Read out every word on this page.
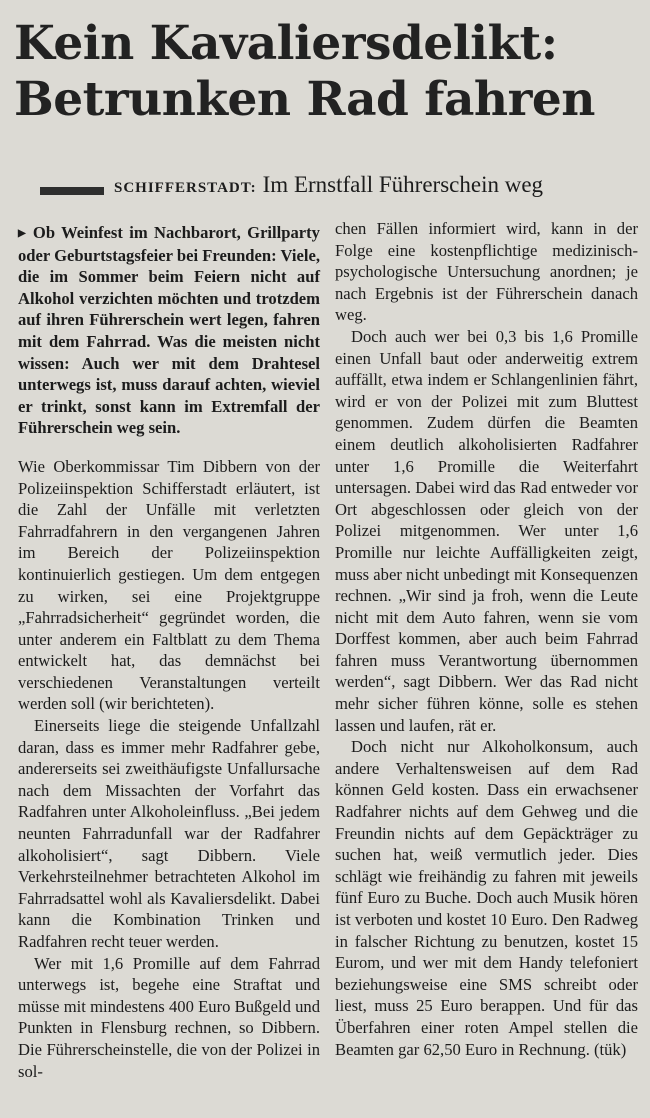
Kein Kavaliersdelikt:
Betrunken Rad fahren
SCHIFFERSTADT: Im Ernstfall Führerschein weg

▶ Ob Weinfest im Nachbarort, Grillparty oder Geburtstagsfeier bei Freunden: Viele, die im Sommer beim Feiern nicht auf Alkohol verzichten möchten und trotzdem auf ihren Führerschein wert legen, fahren mit dem Fahrrad. Was die meisten nicht wissen: Auch wer mit dem Drahtesel unterwegs ist, muss darauf achten, wieviel er trinkt, sonst kann im Extremfall der Führerschein weg sein.

Wie Oberkommissar Tim Dibbern von der Polizeiinspektion Schifferstadt erläutert, ist die Zahl der Unfälle mit verletzten Fahrradfahrern in den vergangenen Jahren im Bereich der Polizeiinspektion kontinuierlich gestiegen. Um dem entgegen zu wirken, sei eine Projektgruppe „Fahrradsicherheit“ gegründet worden, die unter anderem ein Faltblatt zu dem Thema entwickelt hat, das demnächst bei verschiedenen Veranstaltungen verteilt werden soll (wir berichteten).

Einerseits liege die steigende Unfallzahl daran, dass es immer mehr Radfahrer gebe, andererseits sei zweithäufigste Unfallursache nach dem Missachten der Vorfahrt das Radfahren unter Alkoholeinfluss. „Bei jedem neunten Fahrradunfall war der Radfahrer alkoholisiert“, sagt Dibbern. Viele Verkehrsteilnehmer betrachteten Alkohol im Fahrradsattel wohl als Kavaliersdelikt. Dabei kann die Kombination Trinken und Radfahren recht teuer werden.

Wer mit 1,6 Promille auf dem Fahrrad unterwegs ist, begehe eine Straftat und müsse mit mindestens 400 Euro Bußgeld und Punkten in Flensburg rechnen, so Dibbern. Die Führerscheinstelle, die von der Polizei in sol-

chen Fällen informiert wird, kann in der Folge eine kostenpflichtige medizinisch-psychologische Untersuchung anordnen; je nach Ergebnis ist der Führerschein danach weg.

Doch auch wer bei 0,3 bis 1,6 Promille einen Unfall baut oder anderweitig extrem auffällt, etwa indem er Schlangenlinien fährt, wird er von der Polizei mit zum Bluttest genommen. Zudem dürfen die Beamten einem deutlich alkoholisierten Radfahrer unter 1,6 Promille die Weiterfahrt untersagen. Dabei wird das Rad entweder vor Ort abgeschlossen oder gleich von der Polizei mitgenommen. Wer unter 1,6 Promille nur leichte Auffälligkeiten zeigt, muss aber nicht unbedingt mit Konsequenzen rechnen. „Wir sind ja froh, wenn die Leute nicht mit dem Auto fahren, wenn sie vom Dorffest kommen, aber auch beim Fahrrad fahren muss Verantwortung übernommen werden“, sagt Dibbern. Wer das Rad nicht mehr sicher führen könne, solle es stehen lassen und laufen, rät er.

Doch nicht nur Alkoholkonsum, auch andere Verhaltensweisen auf dem Rad können Geld kosten. Dass ein erwachsener Radfahrer nichts auf dem Gehweg und die Freundin nichts auf dem Gepäckträger zu suchen hat, weiß vermutlich jeder. Dies schlägt wie freihändig zu fahren mit jeweils fünf Euro zu Buche. Doch auch Musik hören ist verboten und kostet 10 Euro. Den Radweg in falscher Richtung zu benutzen, kostet 15 Eurom, und wer mit dem Handy telefoniert beziehungsweise eine SMS schreibt oder liest, muss 25 Euro berappen. Und für das Überfahren einer roten Ampel stellen die Beamten gar 62,50 Euro in Rechnung. (tük)
